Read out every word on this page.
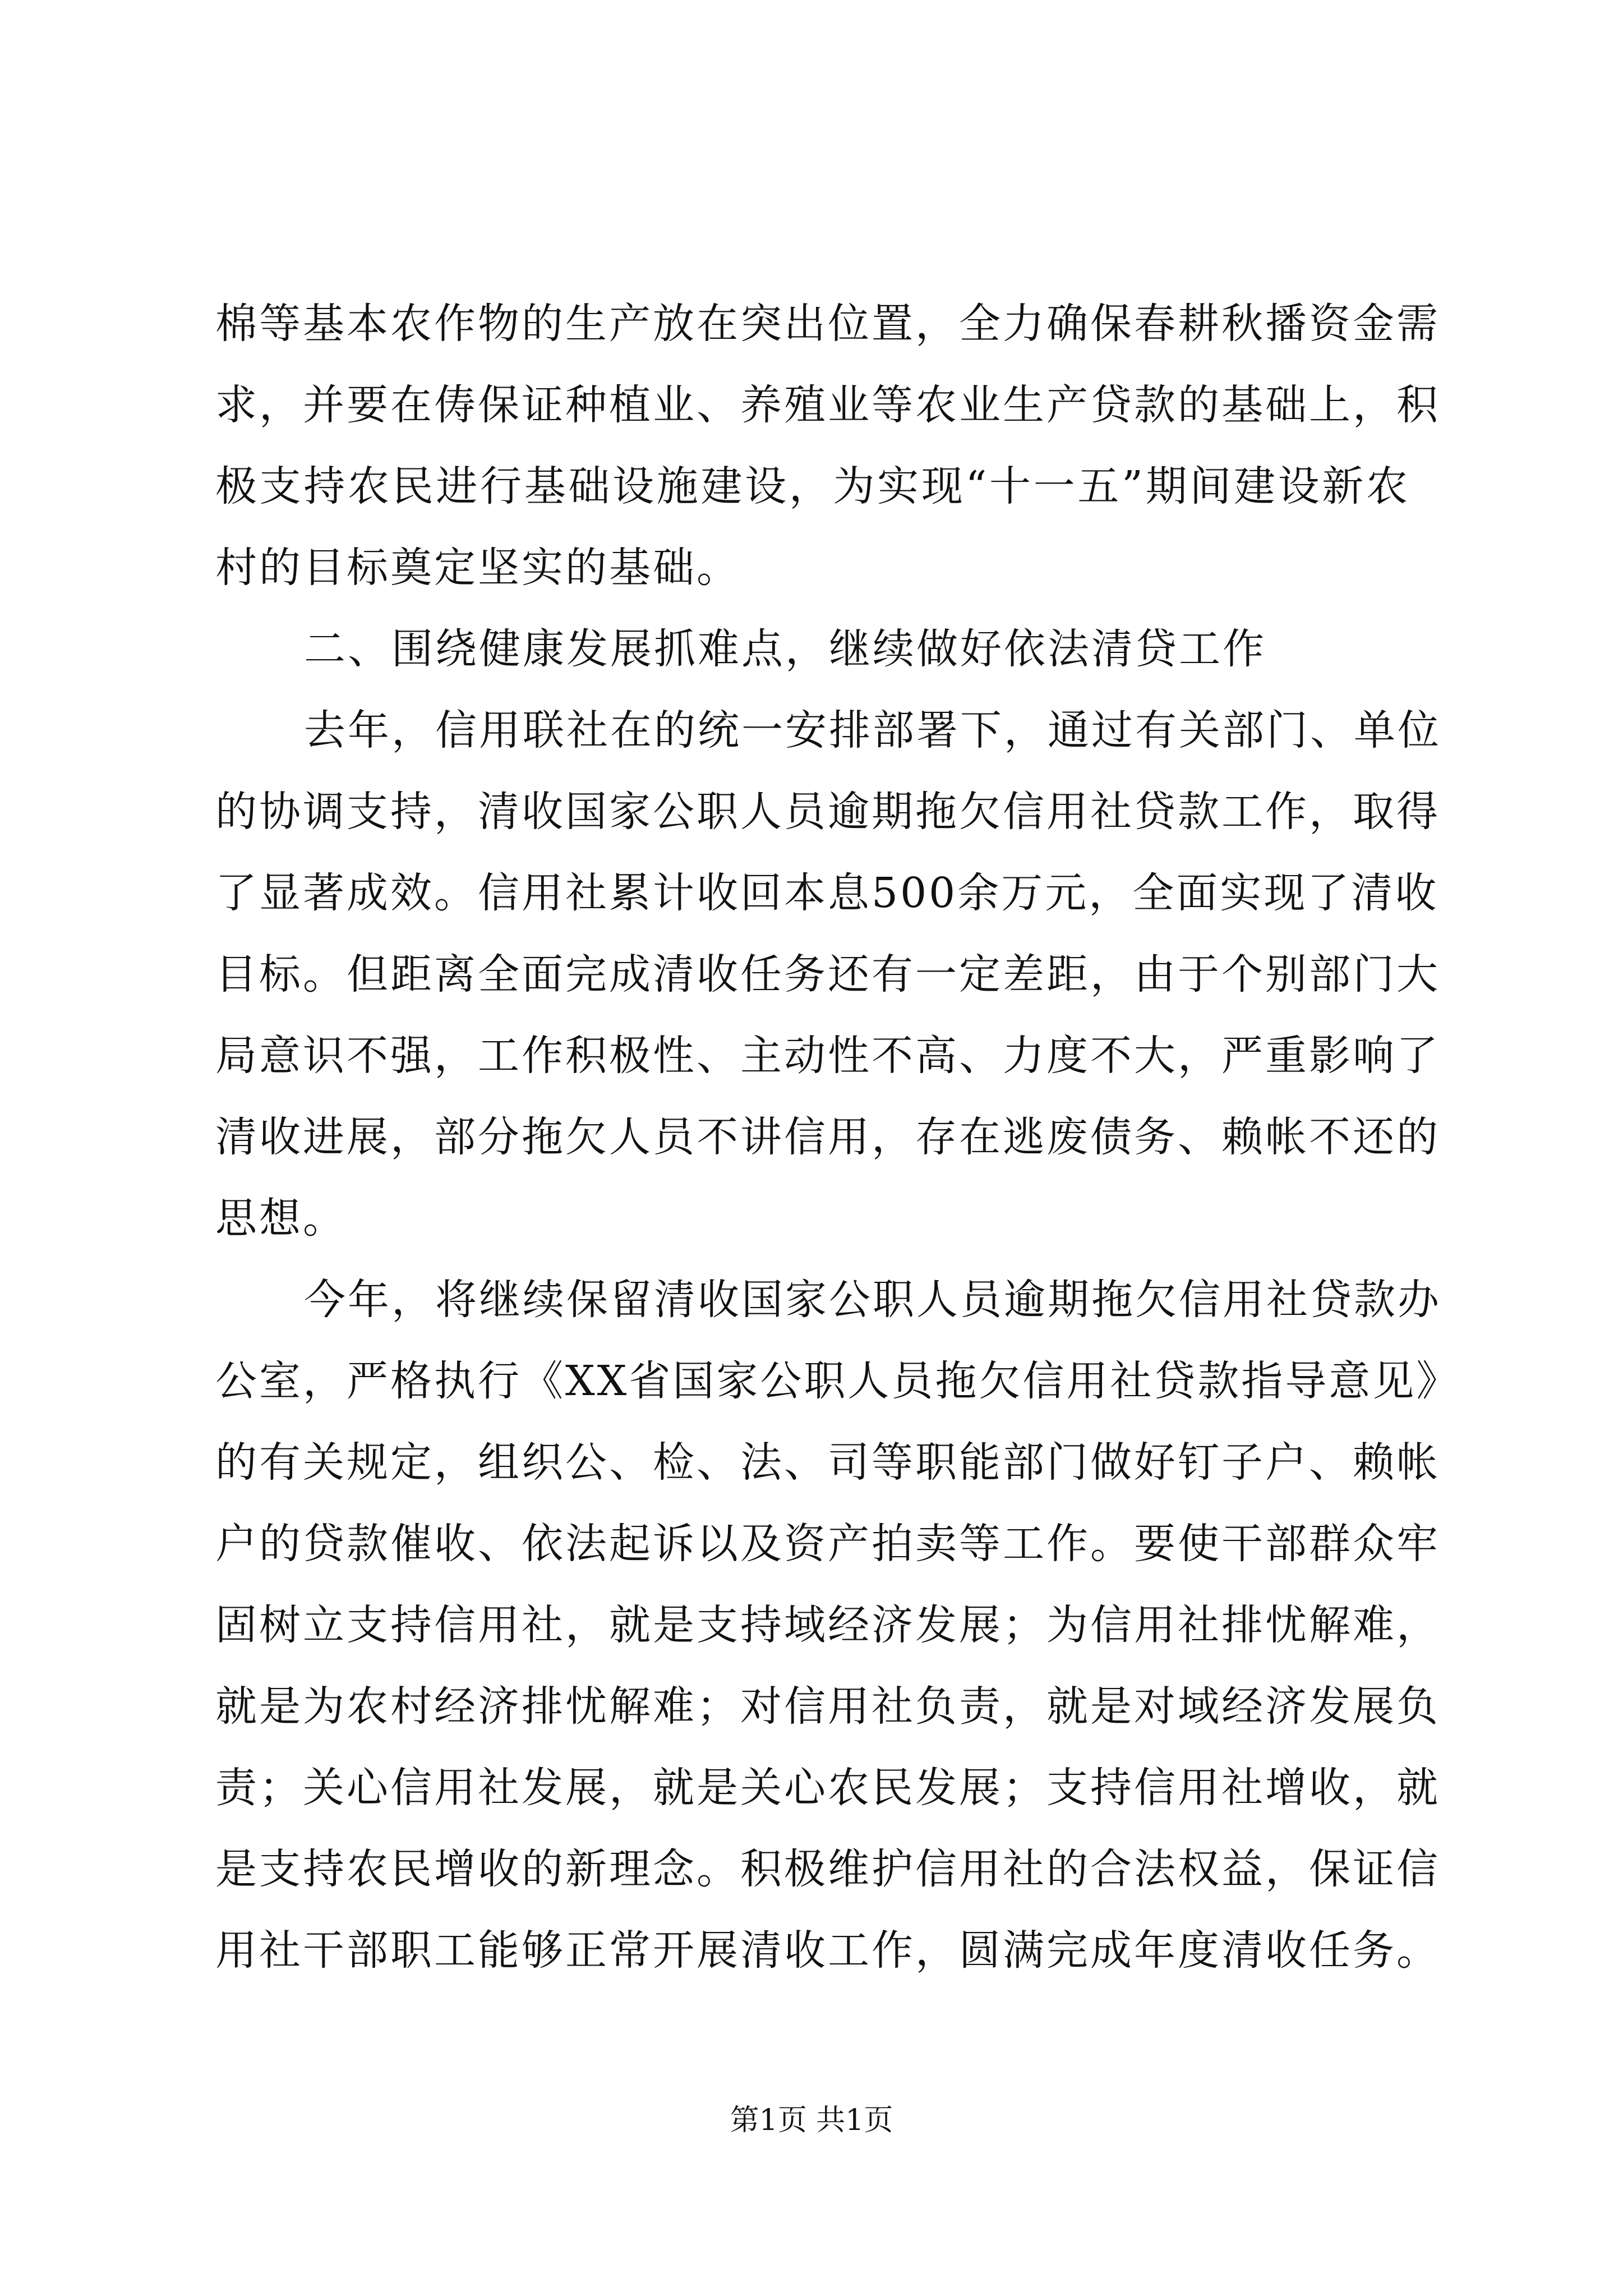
棉等基本农作物的生产放在突出位置，全力确保春耕秋播资金需
求，并要在俦保证种植业、养殖业等农业生产贷款的基础上，积
极支持农民进行基础设施建设，为实现“十一五”期间建设新农
村的目标奠定坚实的基础。
二、围绕健康发展抓难点，继续做好依法清贷工作
去年，信用联社在的统一安排部署下，通过有关部门、单位
的协调支持，清收国家公职人员逾期拖欠信用社贷款工作，取得
了显著成效。信用社累计收回本息500余万元，全面实现了清收
目标。但距离全面完成清收任务还有一定差距，由于个别部门大
局意识不强，工作积极性、主动性不高、力度不大，严重影响了
清收进展，部分拖欠人员不讲信用，存在逃废债务、赖帐不还的
思想。
今年，将继续保留清收国家公职人员逾期拖欠信用社贷款办
公室，严格执行《XX省国家公职人员拖欠信用社贷款指导意见》
的有关规定，组织公、检、法、司等职能部门做好钉子户、赖帐
户的贷款催收、依法起诉以及资产拍卖等工作。要使干部群众牢
固树立支持信用社，就是支持域经济发展；为信用社排忧解难，
就是为农村经济排忧解难；对信用社负责，就是对域经济发展负
责；关心信用社发展，就是关心农民发展；支持信用社增收，就
是支持农民增收的新理念。积极维护信用社的合法权益，保证信
用社干部职工能够正常开展清收工作，圆满完成年度清收任务。
第1页 共1页
